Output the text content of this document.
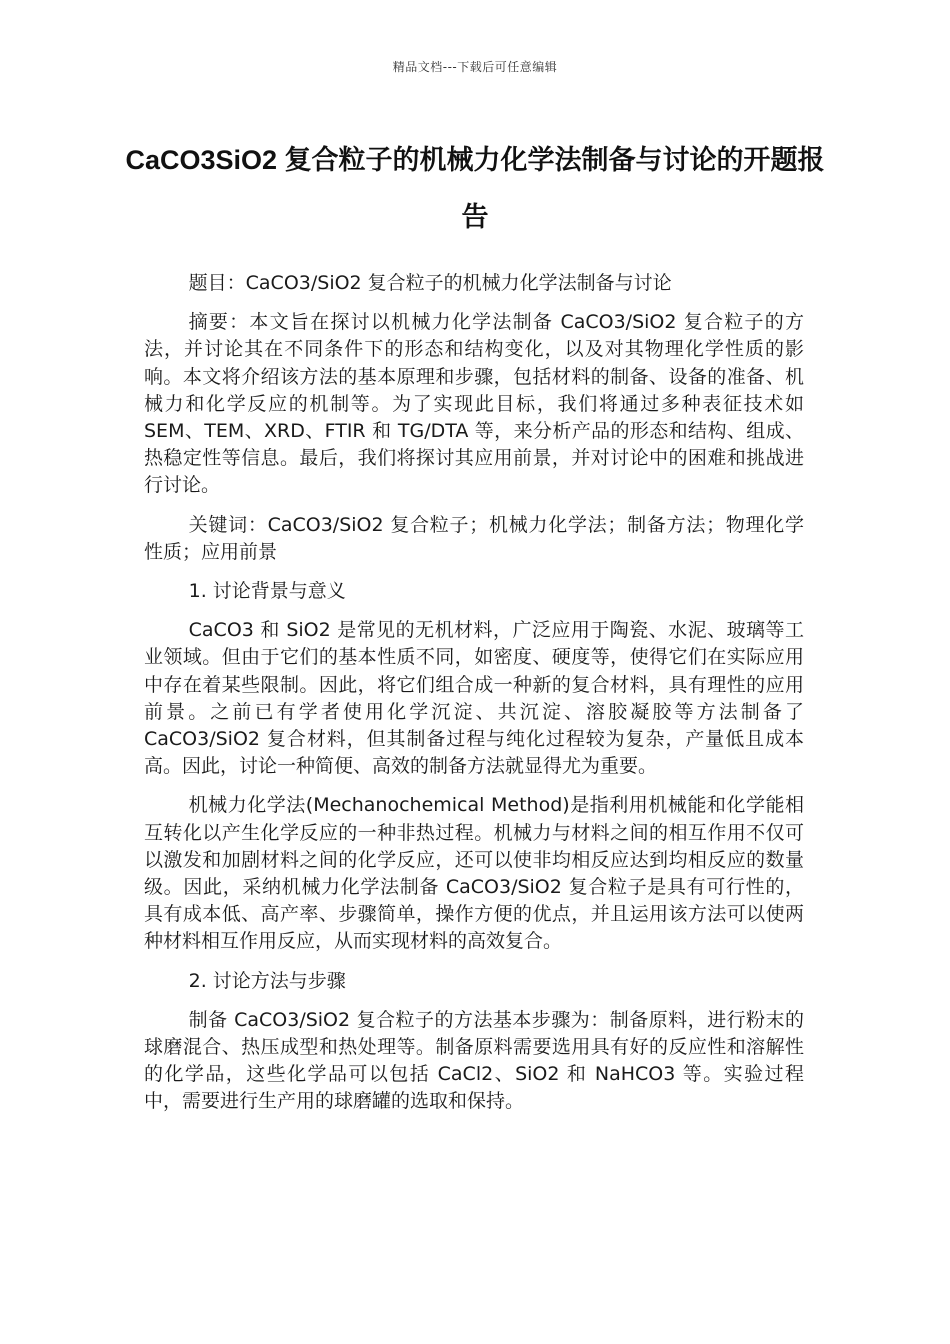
精品文档---下载后可任意编辑
CaCO3SiO2 复合粒子的机械力化学法制备与讨论的开题报告

题目：CaCO3/SiO2 复合粒子的机械力化学法制备与讨论

摘要：本文旨在探讨以机械力化学法制备 CaCO3/SiO2 复合粒子的方法，并讨论其在不同条件下的形态和结构变化，以及对其物理化学性质的影响。本文将介绍该方法的基本原理和步骤，包括材料的制备、设备的准备、机械力和化学反应的机制等。为了实现此目标，我们将通过多种表征技术如 SEM、TEM、XRD、FTIR 和 TG/DTA 等，来分析产品的形态和结构、组成、热稳定性等信息。最后，我们将探讨其应用前景，并对讨论中的困难和挑战进行讨论。

关键词：CaCO3/SiO2 复合粒子；机械力化学法；制备方法；物理化学性质；应用前景

1. 讨论背景与意义

CaCO3 和 SiO2 是常见的无机材料，广泛应用于陶瓷、水泥、玻璃等工业领域。但由于它们的基本性质不同，如密度、硬度等，使得它们在实际应用中存在着某些限制。因此，将它们组合成一种新的复合材料，具有理性的应用前景。之前已有学者使用化学沉淀、共沉淀、溶胶凝胶等方法制备了 CaCO3/SiO2 复合材料，但其制备过程与纯化过程较为复杂，产量低且成本高。因此，讨论一种简便、高效的制备方法就显得尤为重要。

机械力化学法(Mechanochemical Method)是指利用机械能和化学能相互转化以产生化学反应的一种非热过程。机械力与材料之间的相互作用不仅可以激发和加剧材料之间的化学反应，还可以使非均相反应达到均相反应的数量级。因此，采纳机械力化学法制备 CaCO3/SiO2 复合粒子是具有可行性的，具有成本低、高产率、步骤简单，操作方便的优点，并且运用该方法可以使两种材料相互作用反应，从而实现材料的高效复合。

2. 讨论方法与步骤

制备 CaCO3/SiO2 复合粒子的方法基本步骤为：制备原料，进行粉末的球磨混合、热压成型和热处理等。制备原料需要选用具有好的反应性和溶解性的化学品，这些化学品可以包括 CaCl2、SiO2 和 NaHCO3 等。实验过程中，需要进行生产用的球磨罐的选取和保持。
